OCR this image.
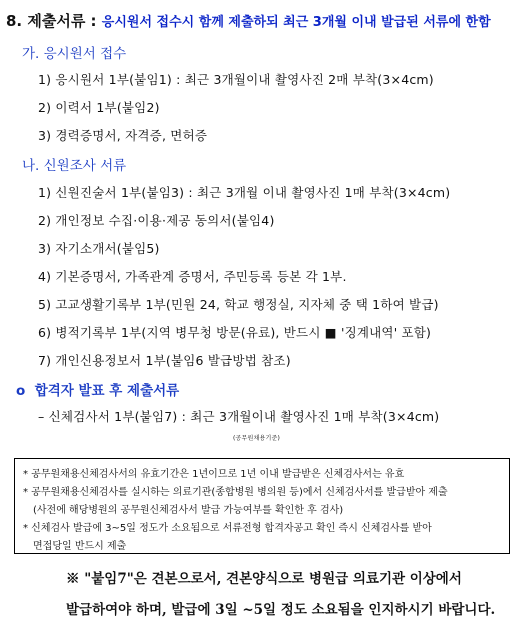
8. 제출서류 : 응시원서 접수시 함께 제출하되 최근 3개월 이내 발급된 서류에 한함
가. 응시원서 접수
1) 응시원서 1부(붙임1) : 최근 3개월이내 촬영사진 2매 부착(3×4cm)
2) 이력서 1부(붙임2)
3) 경력증명서, 자격증, 면허증
나. 신원조사 서류
1) 신원진술서 1부(붙임3) : 최근 3개월 이내 촬영사진 1매 부착(3×4cm)
2) 개인정보 수집·이용·제공 동의서(붙임4)
3) 자기소개서(붙임5)
4) 기본증명서, 가족관계 증명서, 주민등록 등본 각 1부.
5) 고교생활기록부 1부(민원 24, 학교 행정실, 지자체 중 택 1하여 발급)
6) 병적기록부 1부(지역 병무청 방문(유료), 반드시 ■ '징계내역' 포함)
7) 개인신용정보서 1부(붙임6 발급방법 참조)
o 합격자 발표 후 제출서류
– 신체검사서 1부(붙임7) : 최근 3개월이내 촬영사진 1매 부착(3×4cm)
(공무원채용기준)
* 공무원채용신체검사서의 유효기간은 1년이므로 1년 이내 발급받은 신체검사서는 유효
* 공무원채용신체검사를 실시하는 의료기관(종합병원 병의원 등)에서 신체검사서를 발급받아 제출
(사전에 해당병원의 공무원신체검사서 발급 가능여부를 확인한 후 검사)
* 신체검사 발급에 3~5일 정도가 소요됨으로 서류전형 합격자공고 확인 즉시 신체검사를 받아
면접당일 반드시 제출
※ "붙임7"은 견본으로서, 견본양식으로 병원급 의료기관 이상에서
발급하여야 하며, 발급에 3일 ~5일 정도 소요됨을 인지하시기 바랍니다.
